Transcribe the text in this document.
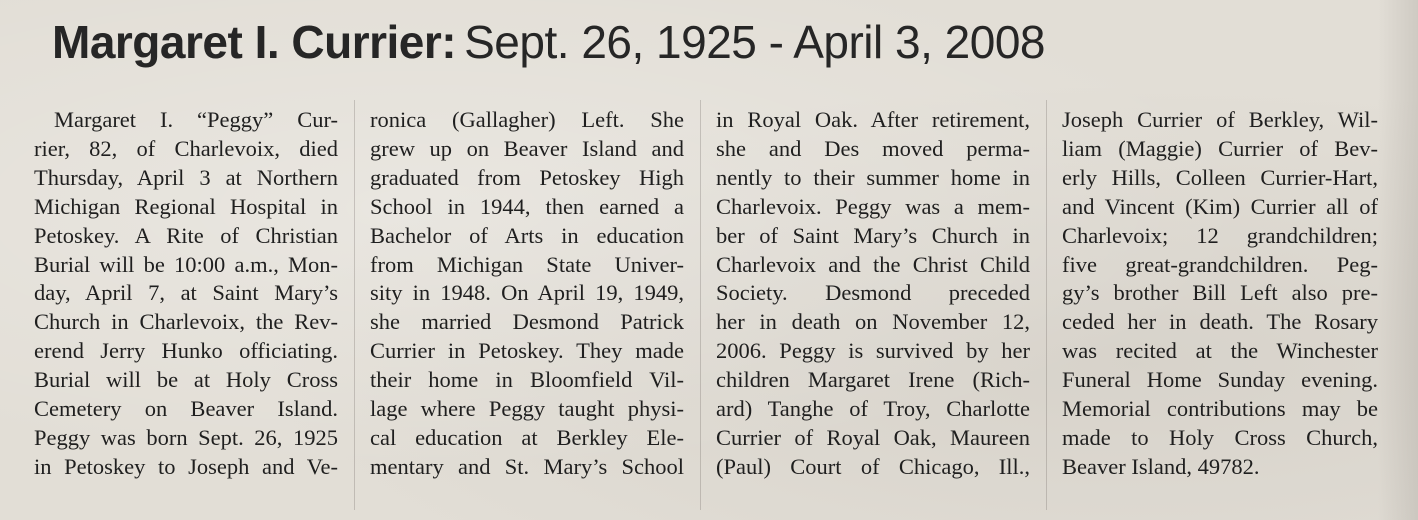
Margaret I. Currier: Sept. 26, 1925 - April 3, 2008
Margaret I. “Peggy” Cur-
rier, 82, of Charlevoix, died
Thursday, April 3 at Northern
Michigan Regional Hospital in
Petoskey. A Rite of Christian
Burial will be 10:00 a.m., Mon-
day, April 7, at Saint Mary’s
Church in Charlevoix, the Rev-
erend Jerry Hunko officiating.
Burial will be at Holy Cross
Cemetery on Beaver Island.
Peggy was born Sept. 26, 1925
in Petoskey to Joseph and Ve-
ronica (Gallagher) Left. She
grew up on Beaver Island and
graduated from Petoskey High
School in 1944, then earned a
Bachelor of Arts in education
from Michigan State Univer-
sity in 1948. On April 19, 1949,
she married Desmond Patrick
Currier in Petoskey. They made
their home in Bloomfield Vil-
lage where Peggy taught physi-
cal education at Berkley Ele-
mentary and St. Mary’s School
in Royal Oak. After retirement,
she and Des moved perma-
nently to their summer home in
Charlevoix. Peggy was a mem-
ber of Saint Mary’s Church in
Charlevoix and the Christ Child
Society. Desmond preceded
her in death on November 12,
2006. Peggy is survived by her
children Margaret Irene (Rich-
ard) Tanghe of Troy, Charlotte
Currier of Royal Oak, Maureen
(Paul) Court of Chicago, Ill.,
Joseph Currier of Berkley, Wil-
liam (Maggie) Currier of Bev-
erly Hills, Colleen Currier-Hart,
and Vincent (Kim) Currier all of
Charlevoix; 12 grandchildren;
five great-grandchildren. Peg-
gy’s brother Bill Left also pre-
ceded her in death. The Rosary
was recited at the Winchester
Funeral Home Sunday evening.
Memorial contributions may be
made to Holy Cross Church,
Beaver Island, 49782.
